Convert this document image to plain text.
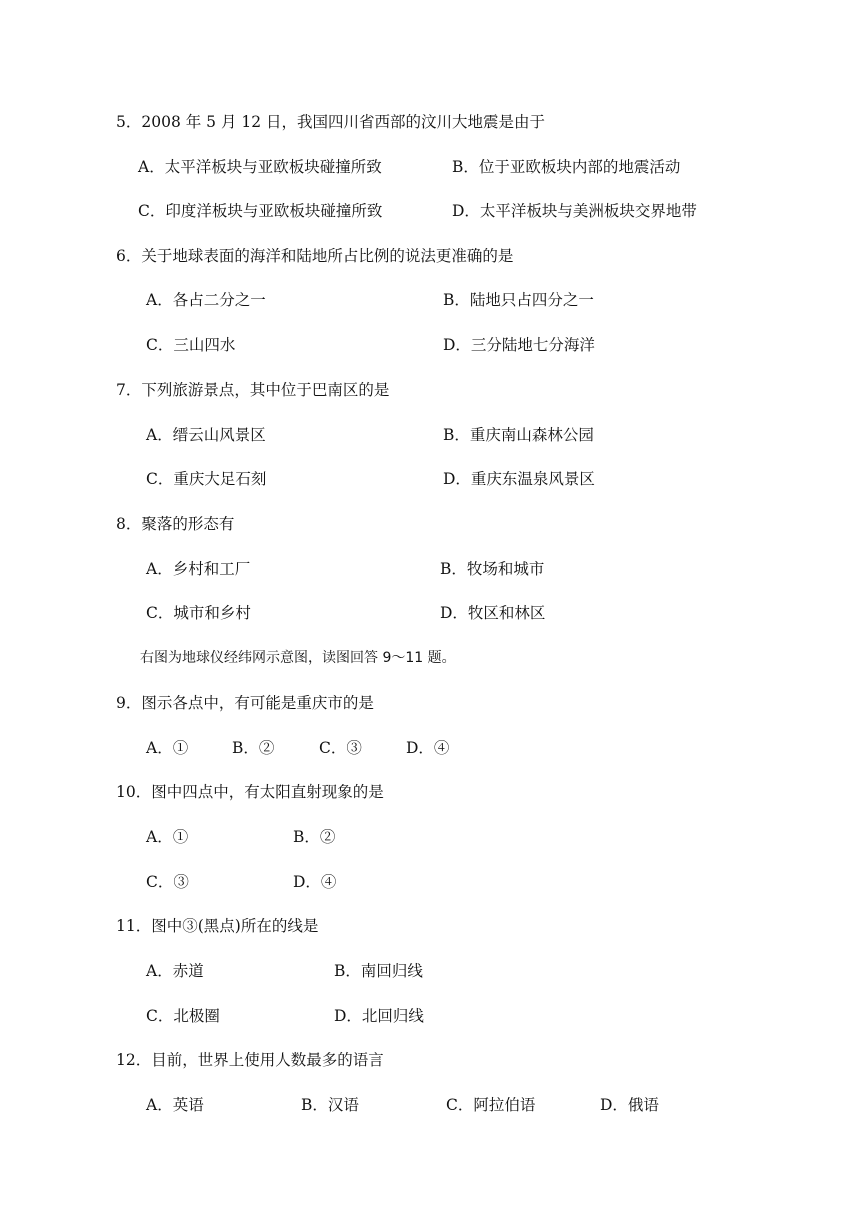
5．2008 年 5 月 12 日，我国四川省西部的汶川大地震是由于
A．太平洋板块与亚欧板块碰撞所致	B．位于亚欧板块内部的地震活动
C．印度洋板块与亚欧板块碰撞所致	D．太平洋板块与美洲板块交界地带
6．关于地球表面的海洋和陆地所占比例的说法更准确的是
A．各占二分之一	B．陆地只占四分之一
C．三山四水	D．三分陆地七分海洋
7．下列旅游景点，其中位于巴南区的是
A．缙云山风景区	B．重庆南山森林公园
C．重庆大足石刻	D．重庆东温泉风景区
8．聚落的形态有
A．乡村和工厂	B．牧场和城市
C．城市和乡村	D．牧区和林区
右图为地球仪经纬网示意图，读图回答 9～11 题。
9．图示各点中，有可能是重庆市的是
A．①	B．②	C．③	D．④
10．图中四点中，有太阳直射现象的是
A．①	B．②
C．③	D．④
11．图中③(黑点)所在的线是
A．赤道	B．南回归线
C．北极圈	D．北回归线
12．目前，世界上使用人数最多的语言
A．英语	B．汉语	C．阿拉伯语	D．俄语
